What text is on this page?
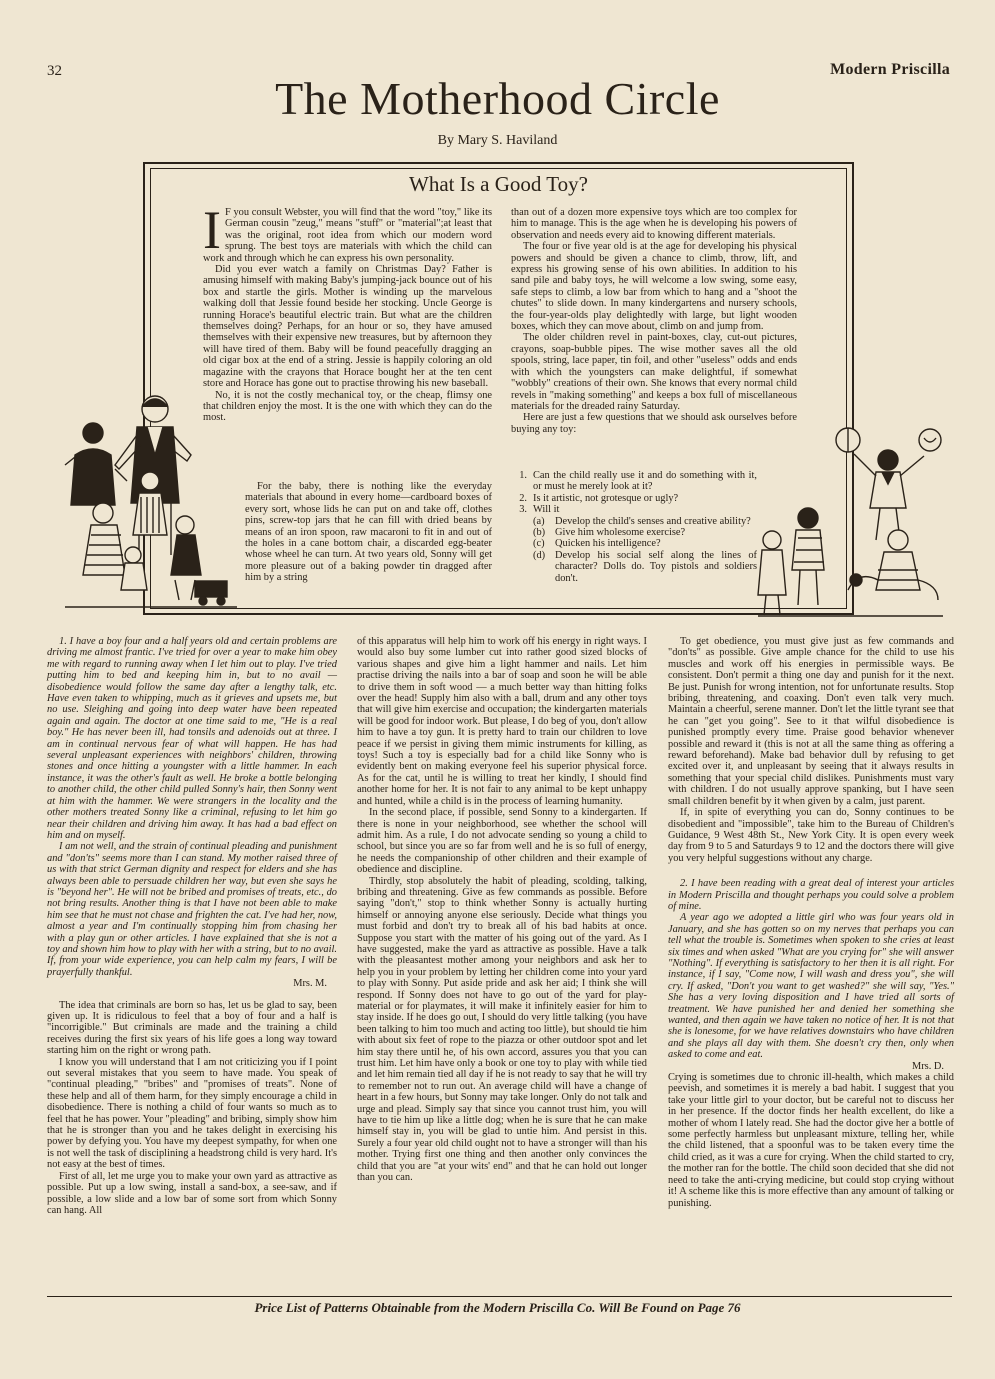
32	Modern Priscilla
The Motherhood Circle
By Mary S. Haviland
What Is a Good Toy?

I F you consult Webster, you will find that the word "toy," like its German cousin "zeug," means "stuff" or "material";at least that was the original, root idea from which our modern word sprung. The best toys are materials with which the child can work and through which he can express his own personality.

Did you ever watch a family on Christmas Day? Father is amusing himself with making Baby's jumping-jack bounce out of his box and startle the girls. Mother is winding up the marvelous walking doll that Jessie found beside her stocking. Uncle George is running Horace's beautiful electric train. But what are the children themselves doing? Perhaps, for an hour or so, they have amused themselves with their expensive new treasures, but by afternoon they will have tired of them. Baby will be found peacefully dragging an old cigar box at the end of a string. Jessie is happily coloring an old magazine with the crayons that Horace bought her at the ten cent store and Horace has gone out to practise throwing his new baseball.

No, it is not the costly mechanical toy, or the cheap, flimsy one that children enjoy the most. It is the one with which they can do the most.

For the baby, there is nothing like the everyday materials that abound in every home—cardboard boxes of every sort, whose lids he can put on and take off, clothes pins, screw-top jars that he can fill with dried beans by means of an iron spoon, raw macaroni to fit in and out of the holes in a cane bottom chair, a discarded egg-beater whose wheel he can turn. At two years old, Sonny will get more pleasure out of a baking powder tin dragged after him by a string

than out of a dozen more expensive toys which are too complex for him to manage. This is the age when he is developing his powers of observation and needs every aid to knowing different materials.

The four or five year old is at the age for developing his physical powers and should be given a chance to climb, throw, lift, and express his growing sense of his own abilities. In addition to his sand pile and baby toys, he will welcome a low swing, some easy, safe steps to climb, a low bar from which to hang and a "shoot the chutes" to slide down. In many kindergartens and nursery schools, the four-year-olds play delightedly with large, but light wooden boxes, which they can move about, climb on and jump from.

The older children revel in paint-boxes, clay, cut-out pictures, crayons, soap-bubble pipes. The wise mother saves all the old spools, string, lace paper, tin foil, and other "useless" odds and ends with which the youngsters can make delightful, if somewhat "wobbly" creations of their own. She knows that every normal child revels in "making something" and keeps a box full of miscellaneous materials for the dreaded rainy Saturday.

Here are just a few questions that we should ask ourselves before buying any toy:

1. Can the child really use it and do something with it, or must he merely look at it?
2. Is it artistic, not grotesque or ugly?
3. Will it
(a)	Develop the child's senses and creative ability?
(b) Give him wholesome exercise?
(c)	Quicken his intelligence?
(d) Develop his social self along the lines of character? Dolls do. Toy pistols and soldiers don't.

1. I have a boy four and a half years old and certain problems are driving me almost frantic. I've tried for over a year to make him obey me with regard to running away when I let him out to play. I've tried putting him to bed and keeping him in, but to no avail — disobedience would follow the same day after a lengthy talk, etc. Have even taken to whipping, much as it grieves and upsets me, but no use. Sleighing and going into deep water have been repeated again and again. The doctor at one time said to me, "He is a real boy." He has never been ill, had tonsils and adenoids out at three. I am in continual nervous fear of what will happen. He has had several unpleasant experiences with neighbors' children, throwing stones and once hitting a youngster with a little hammer. In each instance, it was the other's fault as well. He broke a bottle belonging to another child, the other child pulled Sonny's hair, then Sonny went at him with the hammer. We were strangers in the locality and the other mothers treated Sonny like a criminal, refusing to let him go near their children and driving him away. It has had a bad effect on him and on myself.

I am not well, and the strain of continual pleading and punishment and "don'ts" seems more than I can stand. My mother raised three of us with that strict German dignity and respect for elders and she has always been able to persuade children her way, but even she says he is "beyond her". He will not be bribed and promises of treats, etc., do not bring results. Another thing is that I have not been able to make him see that he must not chase and frighten the cat. I've had her, now, almost a year and I'm continually stopping him from chasing her with a play gun or other articles. I have explained that she is not a toy and shown him how to play with her with a string, but to no avail. If, from your wide experience, you can help calm my fears, I will be prayerfully thankful.

Mrs. M.

The idea that criminals are born so has, let us be glad to say, been given up. It is ridiculous to feel that a boy of four and a half is "incorrigible." But criminals are made and the training a child receives during the first six years of his life goes a long way toward starting him on the right or wrong path.

I know you will understand that I am not criticizing you if I point out several mistakes that you seem to have made. You speak of "continual pleading," "bribes" and "promises of treats". None of these help and all of them harm, for they simply encourage a child in disobedience. There is nothing a child of four wants so much as to feel that he has power. Your "pleading" and bribing, simply show him that he is stronger than you and he takes delight in exercising his power by defying you. You have my deepest sympathy, for when one is not well the task of disciplining a headstrong child is very hard. It's not easy at the best of times.

First of all, let me urge you to make your own yard as attractive as possible. Put up a low swing, install a sand-box, a see-saw, and if possible, a low slide and a low bar of some sort from which Sonny can hang. All

of this apparatus will help him to work off his energy in right ways. I would also buy some lumber cut into rather good sized blocks of various shapes and give him a light hammer and nails. Let him practise driving the nails into a bar of soap and soon he will be able to drive them in soft wood — a much better way than hitting folks over the head! Supply him also with a ball, drum and any other toys that will give him exercise and occupation; the kindergarten materials will be good for indoor work. But please, I do beg of you, don't allow him to have a toy gun. It is pretty hard to train our children to love peace if we persist in giving them mimic instruments for killing, as toys! Such a toy is especially bad for a child like Sonny who is evidently bent on making everyone feel his superior physical force. As for the cat, until he is willing to treat her kindly, I should find another home for her. It is not fair to any animal to be kept unhappy and hunted, while a child is in the process of learning humanity.

In the second place, if possible, send Sonny to a kindergarten. If there is none in your neighborhood, see whether the school will admit him. As a rule, I do not advocate sending so young a child to school, but since you are so far from well and he is so full of energy, he needs the companionship of other children and their example of obedience and discipline.

Thirdly, stop absolutely the habit of pleading, scolding, talking, bribing and threatening. Give as few commands as possible. Before saying "don't," stop to think whether Sonny is actually hurting himself or annoying anyone else seriously. Decide what things you must forbid and don't try to break all of his bad habits at once. Suppose you start with the matter of his going out of the yard. As I have suggested, make the yard as attractive as possible. Have a talk with the pleasantest mother among your neighbors and ask her to help you in your problem by letting her children come into your yard to play with Sonny. Put aside pride and ask her aid; I think she will respond. If Sonny does not have to go out of the yard for play-material or for playmates, it will make it infinitely easier for him to stay inside. If he does go out, I should do very little talking (you have been talking to him too much and acting too little), but should tie him with about six feet of rope to the piazza or other outdoor spot and let him stay there until he, of his own accord, assures you that you can trust him. Let him have only a book or one toy to play with while tied and let him remain tied all day if he is not ready to say that he will try to remember not to run out. An average child will have a change of heart in a few hours, but Sonny may take longer. Only do not talk and urge and plead. Simply say that since you cannot trust him, you will have to tie him up like a little dog; when he is sure that he can make himself stay in, you will be glad to untie him. And persist in this. Surely a four year old child ought not to have a stronger will than his mother. Trying first one thing and then another only convinces the child that you are "at your wits' end" and that he can hold out longer than you can.

To get obedience, you must give just as few commands and "don'ts" as possible. Give ample chance for the child to use his muscles and work off his energies in permissible ways. Be consistent. Don't permit a thing one day and punish for it the next. Be just. Punish for wrong intention, not for unfortunate results. Stop bribing, threatening, and coaxing. Don't even talk very much. Maintain a cheerful, serene manner. Don't let the little tyrant see that he can "get you going". See to it that wilful disobedience is punished promptly every time. Praise good behavior whenever possible and reward it (this is not at all the same thing as offering a reward beforehand). Make bad behavior dull by refusing to get excited over it, and unpleasant by seeing that it always results in something that your special child dislikes. Punishments must vary with children. I do not usually approve spanking, but I have seen small children benefit by it when given by a calm, just parent.

If, in spite of everything you can do, Sonny continues to be disobedient and "impossible", take him to the Bureau of Children's Guidance, 9 West 48th St., New York City. It is open every week day from 9 to 5 and Saturdays 9 to 12 and the doctors there will give you very helpful suggestions without any charge.

2. I have been reading with a great deal of interest your articles in Modern Priscilla and thought perhaps you could solve a problem of mine.

A year ago we adopted a little girl who was four years old in January, and she has gotten so on my nerves that perhaps you can tell what the trouble is. Sometimes when spoken to she cries at least six times and when asked "What are you crying for" she will answer "Nothing". If everything is satisfactory to her then it is all right. For instance, if I say, "Come now, I will wash and dress you", she will cry. If asked, "Don't you want to get washed?" she will say, "Yes." She has a very loving disposition and I have tried all sorts of treatment. We have punished her and denied her something she wanted, and then again we have taken no notice of her. It is not that she is lonesome, for we have relatives downstairs who have children and she plays all day with them. She doesn't cry then, only when asked to come and eat.

Mrs. D.

Crying is sometimes due to chronic ill-health, which makes a child peevish, and sometimes it is merely a bad habit. I suggest that you take your little girl to your doctor, but be careful not to discuss her in her presence. If the doctor finds her health excellent, do like a mother of whom I lately read. She had the doctor give her a bottle of some perfectly harmless but unpleasant mixture, telling her, while the child listened, that a spoonful was to be taken every time the child cried, as it was a cure for crying. When the child started to cry, the mother ran for the bottle. The child soon decided that she did not need to take the anti-crying medicine, but could stop crying without it! A scheme like this is more effective than any amount of talking or punishing.

Price List of Patterns Obtainable from the Modern Priscilla Co. Will Be Found on Page 76
